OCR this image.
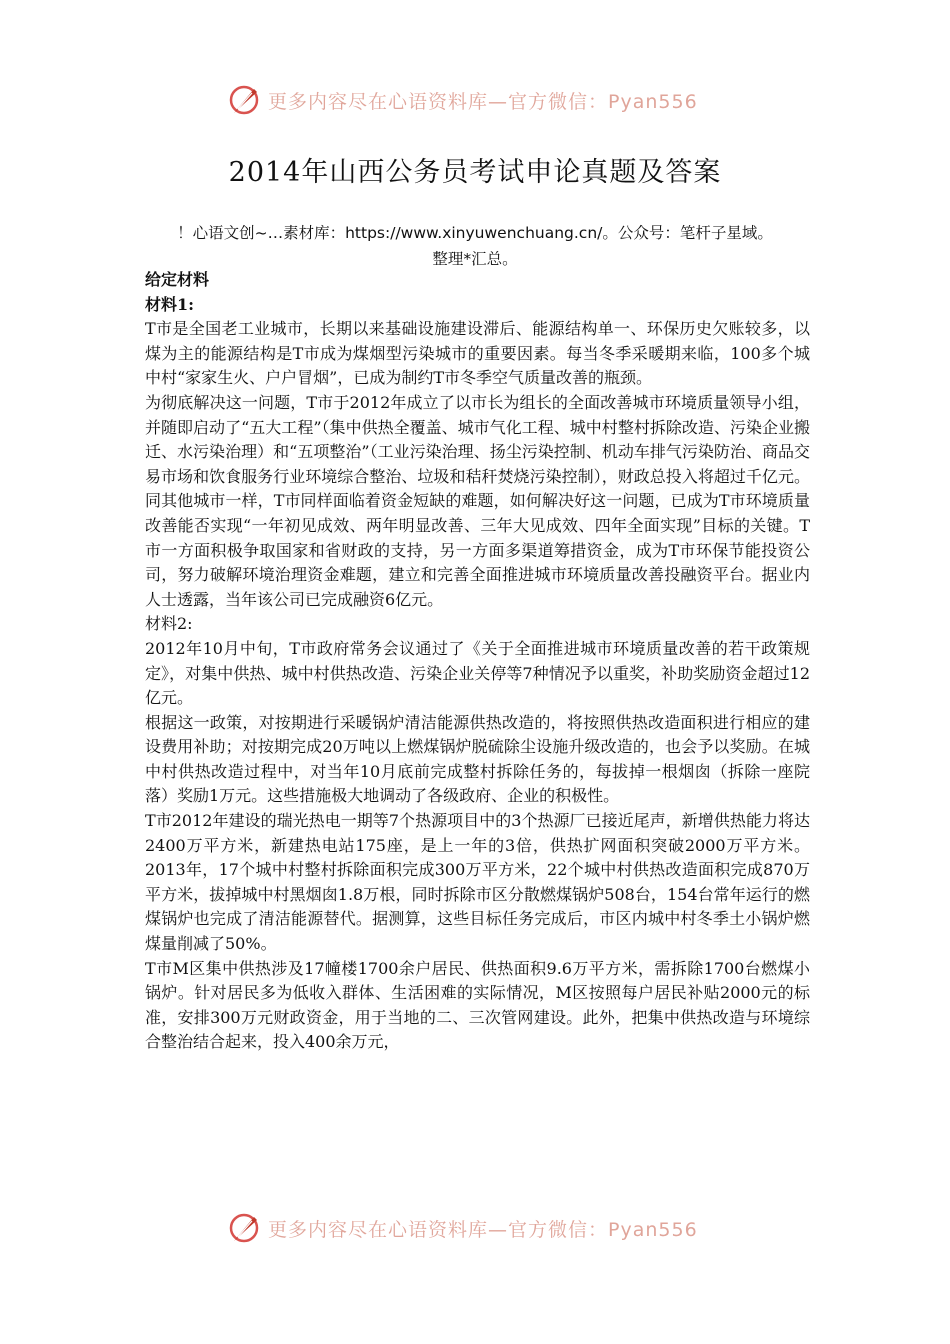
更多内容尽在心语资料库—官方微信：Pyan556
2014年山西公务员考试申论真题及答案
！心语文创~…素材库：https://www.xinyuwenchuang.cn/。公众号：笔杆子星域。
整理*汇总。

给定材料

材料1:

T市是全国老工业城市，长期以来基础设施建设滞后、能源结构单一、环保历史欠账较多，以煤为主的能源结构是T市成为煤烟型污染城市的重要因素。每当冬季采暖期来临，100多个城中村“家家生火、户户冒烟”，已成为制约T市冬季空气质量改善的瓶颈。

为彻底解决这一问题，T市于2012年成立了以市长为组长的全面改善城市环境质量领导小组，并随即启动了“五大工程”（集中供热全覆盖、城市气化工程、城中村整村拆除改造、污染企业搬迁、水污染治理）和“五项整治”（工业污染治理、扬尘污染控制、机动车排气污染防治、商品交易市场和饮食服务行业环境综合整治、垃圾和秸秆焚烧污染控制），财政总投入将超过千亿元。同其他城市一样，T市同样面临着资金短缺的难题，如何解决好这一问题，已成为T市环境质量改善能否实现“一年初见成效、两年明显改善、三年大见成效、四年全面实现”目标的关键。T市一方面积极争取国家和省财政的支持，另一方面多渠道筹措资金，成为T市环保节能投资公司，努力破解环境治理资金难题，建立和完善全面推进城市环境质量改善投融资平台。据业内人士透露，当年该公司已完成融资6亿元。

材料2:

2012年10月中旬，T市政府常务会议通过了《关于全面推进城市环境质量改善的若干政策规定》，对集中供热、城中村供热改造、污染企业关停等7种情况予以重奖，补助奖励资金超过12亿元。

根据这一政策，对按期进行采暖锅炉清洁能源供热改造的，将按照供热改造面积进行相应的建设费用补助；对按期完成20万吨以上燃煤锅炉脱硫除尘设施升级改造的，也会予以奖励。在城中村供热改造过程中，对当年10月底前完成整村拆除任务的，每拔掉一根烟囱（拆除一座院落）奖励1万元。这些措施极大地调动了各级政府、企业的积极性。

T市2012年建设的瑞光热电一期等7个热源项目中的3个热源厂已接近尾声，新增供热能力将达2400万平方米，新建热电站175座，是上一年的3倍，供热扩网面积突破2000万平方米。2013年，17个城中村整村拆除面积完成300万平方米，22个城中村供热改造面积完成870万平方米，拔掉城中村黑烟囱1.8万根，同时拆除市区分散燃煤锅炉508台，154台常年运行的燃煤锅炉也完成了清洁能源替代。据测算，这些目标任务完成后，市区内城中村冬季土小锅炉燃煤量削减了50%。

T市M区集中供热涉及17幢楼1700余户居民、供热面积9.6万平方米，需拆除1700台燃煤小锅炉。针对居民多为低收入群体、生活困难的实际情况，M区按照每户居民补贴2000元的标准，安排300万元财政资金，用于当地的二、三次管网建设。此外，把集中供热改造与环境综合整治结合起来，投入400余万元，

更多内容尽在心语资料库—官方微信：Pyan556
